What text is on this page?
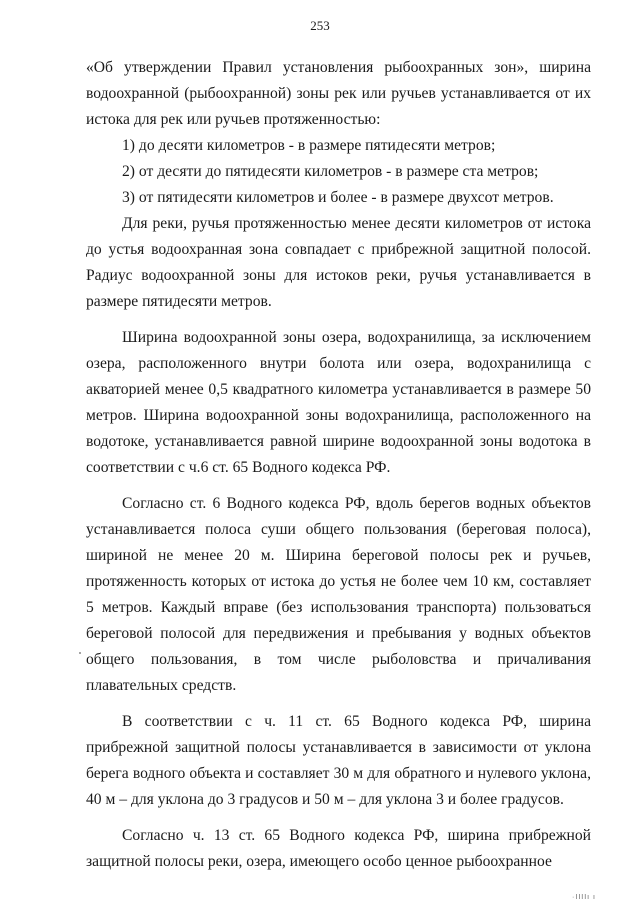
253

«Об утверждении Правил установления рыбоохранных зон», ширина водоохранной (рыбоохранной) зоны рек или ручьев устанавливается от их истока для рек или ручьев протяженностью:

1) до десяти километров - в размере пятидесяти метров;

2) от десяти до пятидесяти километров - в размере ста метров;

3) от пятидесяти километров и более - в размере двухсот метров.

Для реки, ручья протяженностью менее десяти километров от истока до устья водоохранная зона совпадает с прибрежной защитной полосой. Радиус водоохранной зоны для истоков реки, ручья устанавливается в размере пятидесяти метров.

Ширина водоохранной зоны озера, водохранилища, за исключением озера, расположенного внутри болота или озера, водохранилища с акваторией менее 0,5 квадратного километра устанавливается в размере 50 метров. Ширина водоохранной зоны водохранилища, расположенного на водотоке, устанавливается равной ширине водоохранной зоны водотока в соответствии с ч.6 ст. 65 Водного кодекса РФ.

Согласно ст. 6 Водного кодекса РФ, вдоль берегов водных объектов устанавливается полоса суши общего пользования (береговая полоса), шириной не менее 20 м. Ширина береговой полосы рек и ручьев, протяженность которых от истока до устья не более чем 10 км, составляет 5 метров. Каждый вправе (без использования транспорта) пользоваться береговой полосой для передвижения и пребывания у водных объектов общего пользования, в том числе рыболовства и причаливания плавательных средств.

В соответствии с ч. 11 ст. 65 Водного кодекса РФ, ширина прибрежной защитной полосы устанавливается в зависимости от уклона берега водного объекта и составляет 30 м для обратного и нулевого уклона, 40 м – для уклона до 3 градусов и 50 м – для уклона 3 и более градусов.

Согласно ч. 13 ст. 65 Водного кодекса РФ, ширина прибрежной защитной полосы реки, озера, имеющего особо ценное рыбоохранное

·IIIIı ı
